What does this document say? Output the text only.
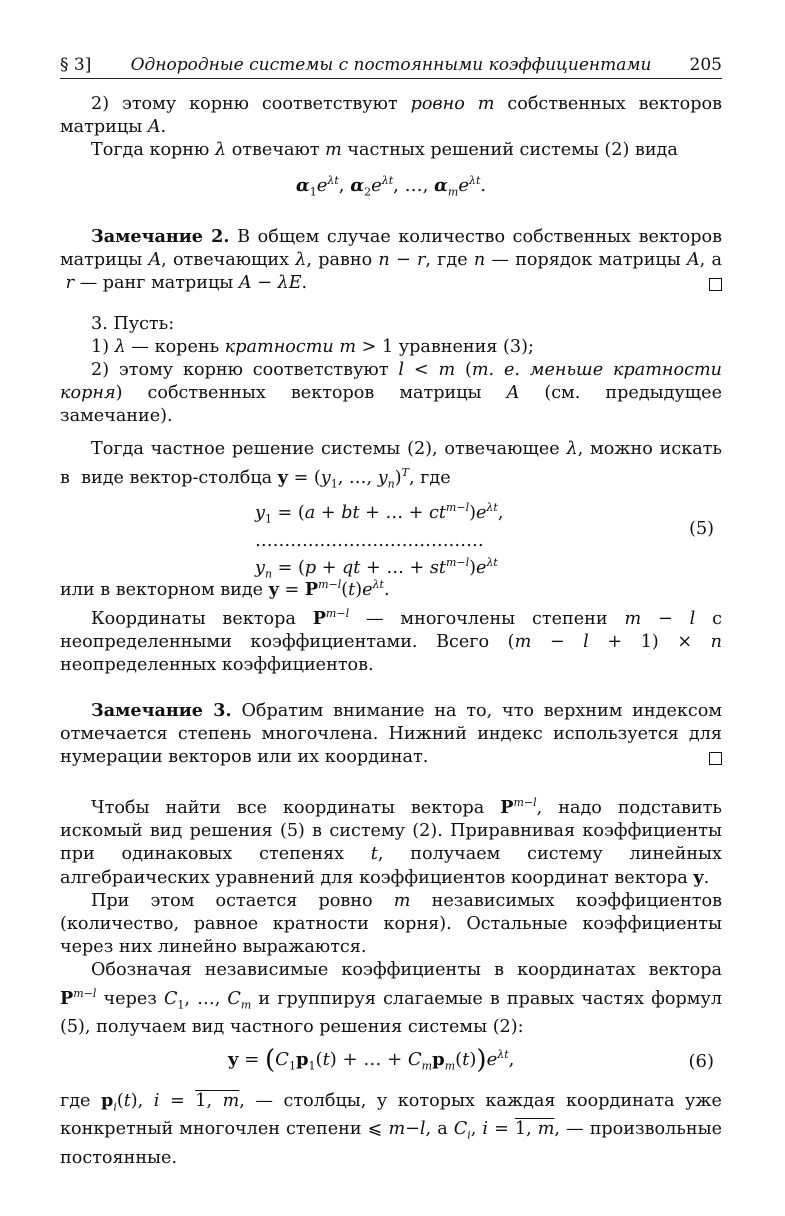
§ 3]	Однородные системы с постоянными коэффициентами	205

2) этому корню соответствуют ровно m собственных векторов матрицы A.

Тогда корню λ отвечают m частных решений системы (2) вида

$\alpha_1e^{\lambda t}$, $\alpha_2e^{\lambda t}$, …, $\alpha_me^{\lambda t}$.

Замечание 2. В общем случае количество собственных векторов матрицы A, отвечающих λ, равно n − r, где n — порядок матрицы A, а  r — ранг матрицы A − λE.

3. Пусть:

1) λ — корень кратности m > 1 уравнения (3);

2) этому корню соответствуют l < m (т. е. меньше кратности корня) собственных векторов матрицы A (см. предыдущее замечание).

Тогда частное решение системы (2), отвечающее λ, можно искать в  виде вектор-столбца $y = (y_1$, …, $y_n)^T$, где

$y_1 = (a$ + bt + … + $ct^{m-l})e^{\lambda t}$,
…………………………………
$y_n = (p$ + qt + … + $st^{m-l})e^{\lambda t}$
(5)

или в векторном виде $y = P^{m-l}(t)e^{\lambda t}$.

Координаты вектора $P^{m-l}$ — многочлены степени m − l с неопределенными коэффициентами. Всего (m − l + 1) × n неопределенных коэффициентов.

Замечание 3. Обратим внимание на то, что верхним индексом отмечается степень многочлена. Нижний индекс используется для нумерации векторов или их координат.

Чтобы найти все координаты вектора $P^{m-l}$, надо подставить искомый вид решения (5) в систему (2). Приравнивая коэффициенты при одинаковых степенях t, получаем систему линейных алгебраических уравнений для коэффициентов координат вектора y.

При этом остается ровно m независимых коэффициентов (количество, равное кратности корня). Остальные коэффициенты через них линейно выражаются.

Обозначая независимые коэффициенты в координатах вектора $P^{m-l}$ через $C_1$, …, $C_m$ и группируя слагаемые в правых частях формул (5), получаем вид частного решения системы (2):

$y = (C_1p_1(t)$ + … + $C_mp_m(t))e^{\lambda t}$,	(6)

где $p_i(t)$, i = 1, m, — столбцы, у которых каждая координата уже конкретный многочлен степени ⩽ m−l, а $C_i$, i = 1, m, — произвольные постоянные.
